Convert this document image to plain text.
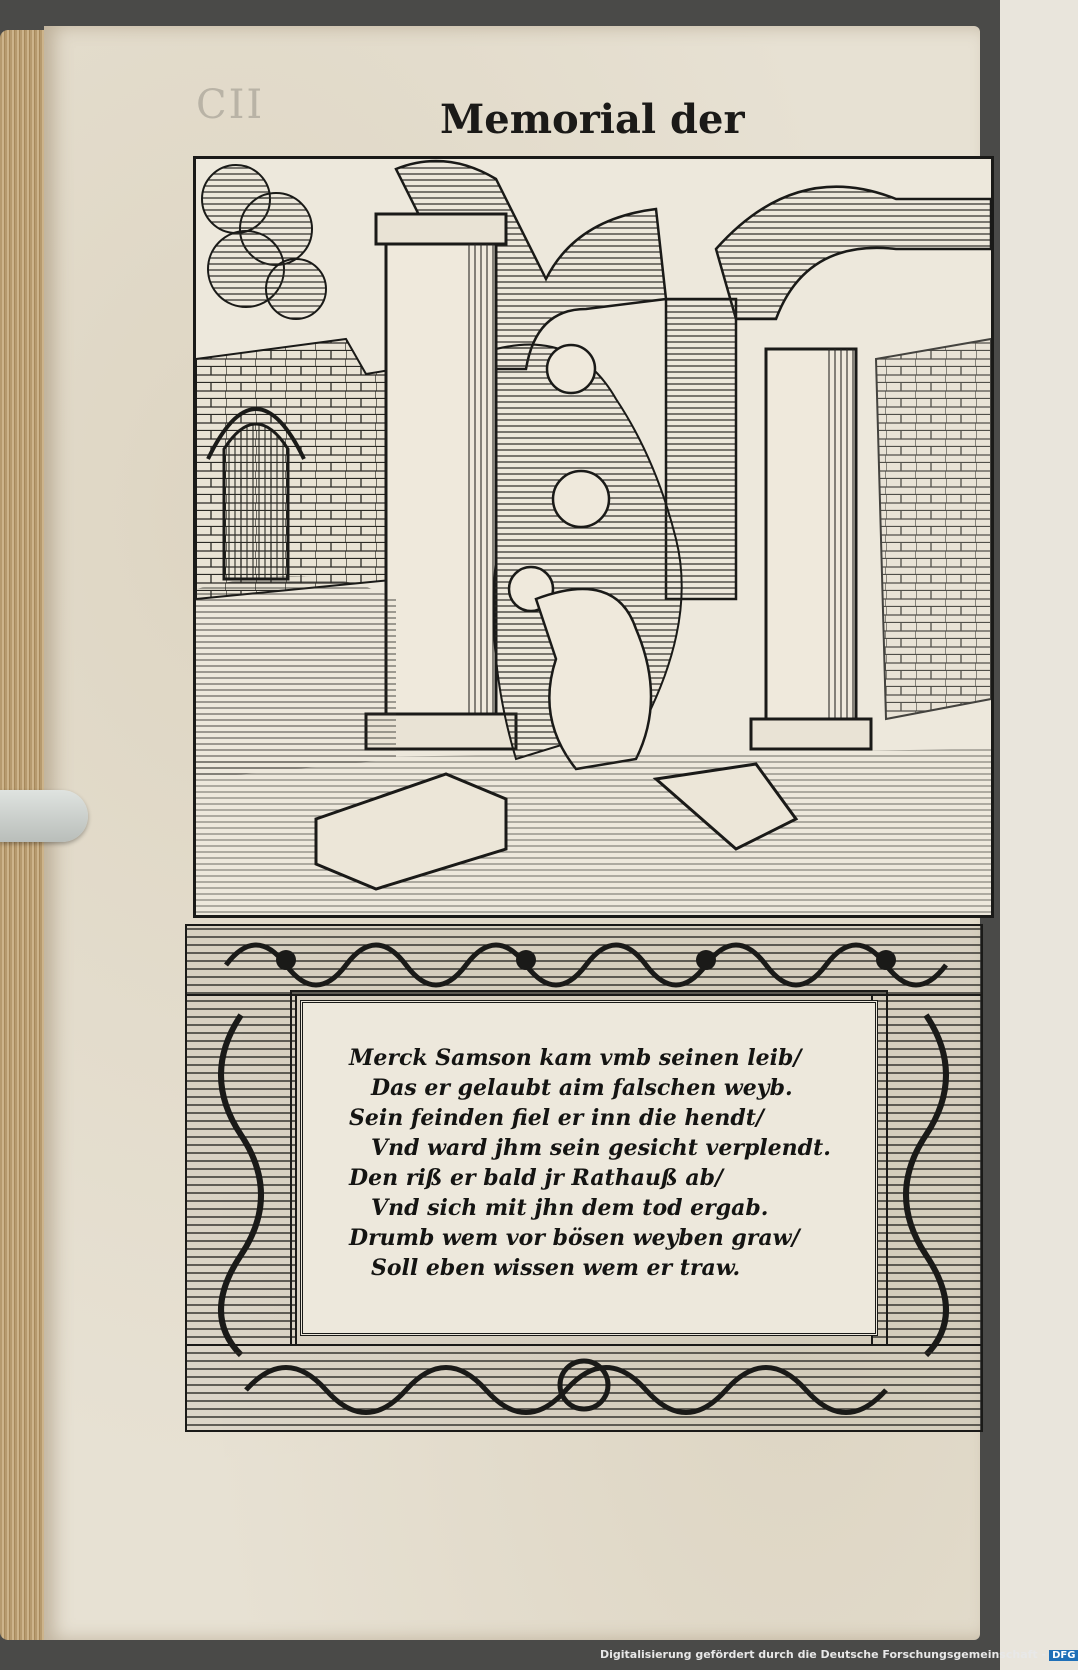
CII	Memorial der
Merck Samson kam vmb seinen leib/
Das er gelaubt aim falschen weyb.
Sein feinden fiel er inn die hendt/
Vnd ward jhm sein gesicht verplendt.
Den riß er bald jr Rathauß ab/
Vnd sich mit jhn dem tod ergab.
Drumb wem vor bösen weyben graw/
Soll eben wissen wem er traw.
Digitalisierung gefördert durch die Deutsche Forschungsgemeinschaft - DFG
